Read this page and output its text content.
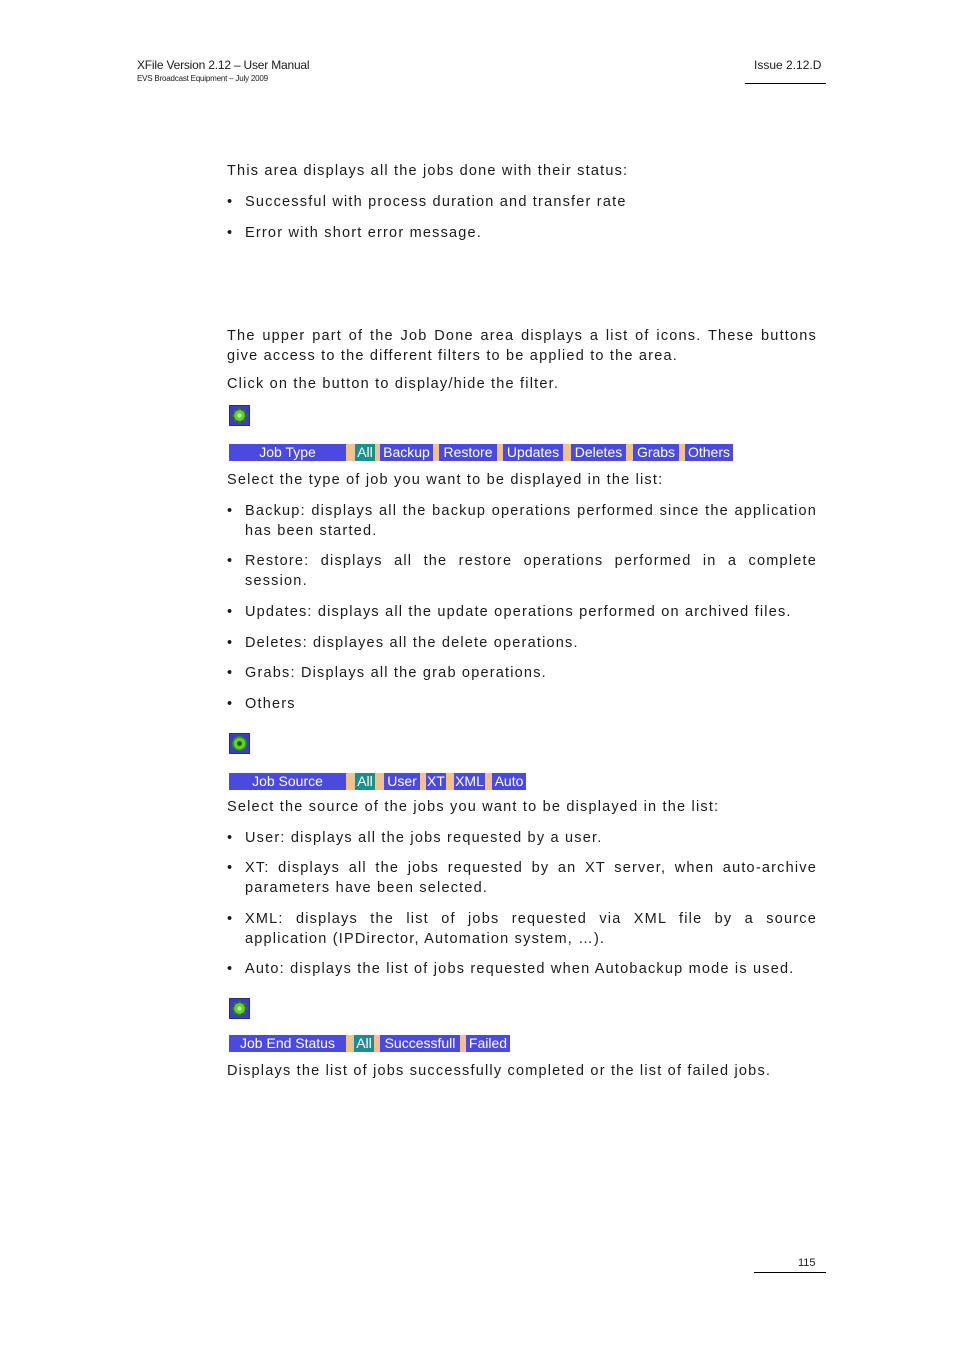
XFile Version 2.12 – User Manual
EVS Broadcast Equipment – July 2009
Issue 2.12.D

This area displays all the jobs done with their status:

• Successful with process duration and transfer rate
• Error with short error message.

The upper part of the Job Done area displays a list of icons. These buttons give access to the different filters to be applied to the area.

Click on the button to display/hide the filter.

Job Type	All Backup Restore	Updates Deletes Grabs Others

Select the type of job you want to be displayed in the list:

• Backup: displays all the backup operations performed since the application has been started.
• Restore: displays all the restore operations performed in a complete session.
• Updates: displays all the update operations performed on archived files.
• Deletes: displayes all the delete operations.
• Grabs: Displays all the grab operations.
• Others
Job Source	All User XT XML Auto

Select the source of the jobs you want to be displayed in the list:

• User: displays all the jobs requested by a user.
• XT: displays all the jobs requested by an XT server, when auto-archive parameters have been selected.
• XML: displays the list of jobs requested via XML file by a source application (IPDirector, Automation system, …).
• Auto: displays the list of jobs requested when Autobackup mode is used.
Job End Status	All Successfull Failed

Displays the list of jobs successfully completed or the list of failed jobs.

115
